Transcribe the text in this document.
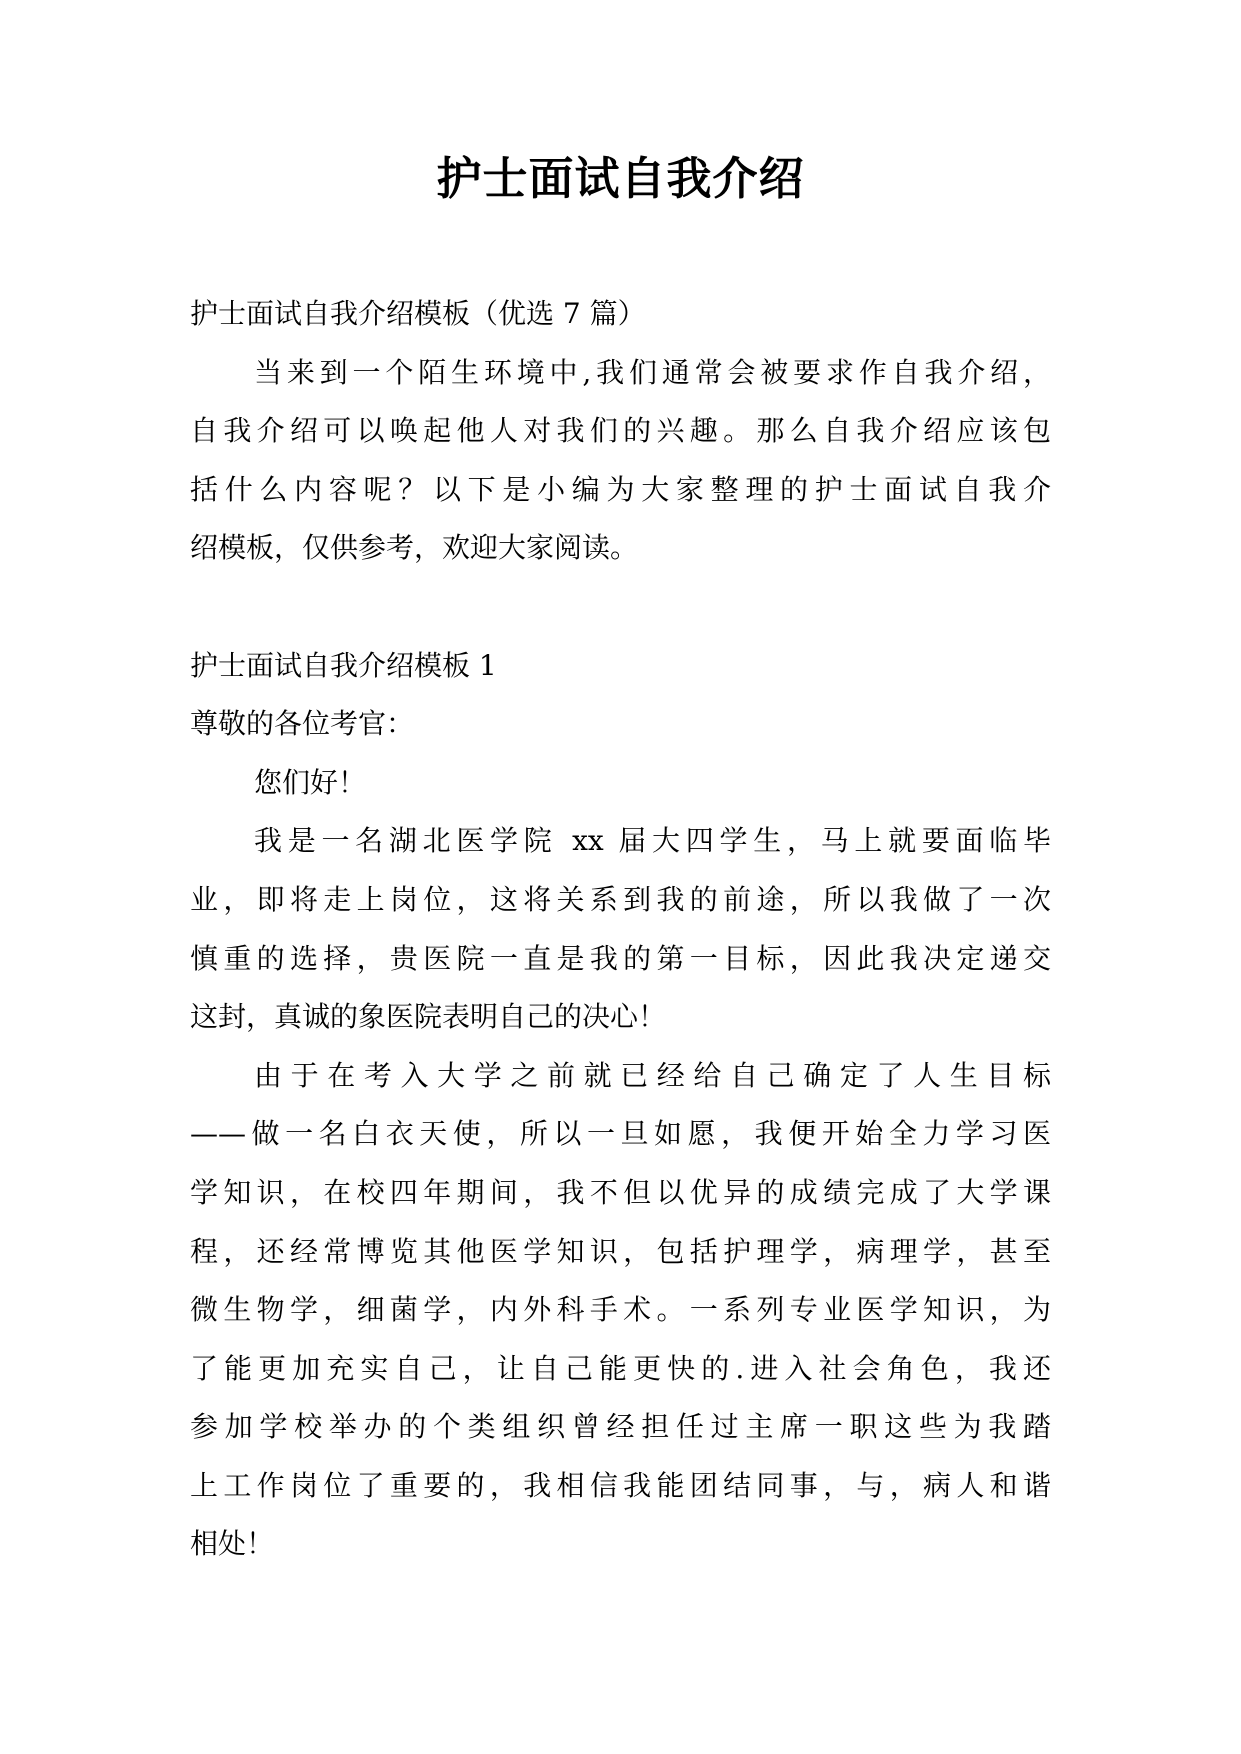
护士面试自我介绍
护士面试自我介绍模板（优选 7 篇）
当来到一个陌生环境中,我们通常会被要求作自我介绍，
自我介绍可以唤起他人对我们的兴趣。那么自我介绍应该包
括什么内容呢？以下是小编为大家整理的护士面试自我介
绍模板，仅供参考，欢迎大家阅读。
护士面试自我介绍模板 1
尊敬的各位考官：
您们好！
我是一名湖北医学院 xx 届大四学生，马上就要面临毕
业，即将走上岗位，这将关系到我的前途，所以我做了一次
慎重的选择，贵医院一直是我的第一目标，因此我决定递交
这封，真诚的象医院表明自己的决心！
由于在考入大学之前就已经给自己确定了人生目标
——做一名白衣天使，所以一旦如愿，我便开始全力学习医
学知识，在校四年期间，我不但以优异的成绩完成了大学课
程，还经常博览其他医学知识，包括护理学，病理学，甚至
微生物学，细菌学，内外科手术。一系列专业医学知识，为
了能更加充实自己，让自己能更快的.进入社会角色，我还
参加学校举办的个类组织曾经担任过主席一职这些为我踏
上工作岗位了重要的，我相信我能团结同事，与，病人和谐
相处！
